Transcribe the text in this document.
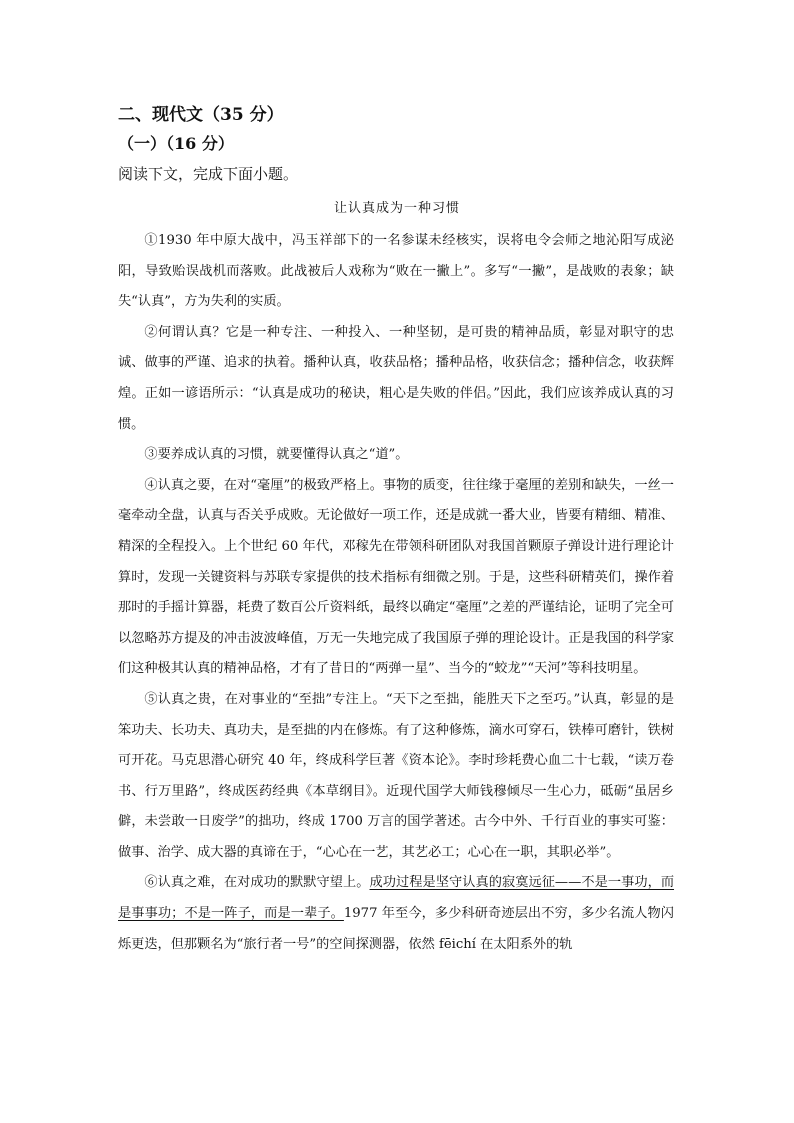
二、现代文（35 分）
（一）（16 分）

阅读下文，完成下面小题。

让认真成为一种习惯

①1930 年中原大战中，冯玉祥部下的一名参谋未经核实，误将电令会师之地沁阳写成泌阳，导致贻误战机而落败。此战被后人戏称为“败在一撇上”。多写“一撇”，是战败的表象；缺失“认真”，方为失利的实质。

②何谓认真？它是一种专注、一种投入、一种坚韧，是可贵的精神品质，彰显对职守的忠诚、做事的严谨、追求的执着。播种认真，收获品格；播种品格，收获信念；播种信念，收获辉煌。正如一谚语所示：“认真是成功的秘诀，粗心是失败的伴侣。”因此，我们应该养成认真的习惯。

③要养成认真的习惯，就要懂得认真之“道”。

④认真之要，在对“毫厘”的极致严格上。事物的质变，往往缘于毫厘的差别和缺失，一丝一毫牵动全盘，认真与否关乎成败。无论做好一项工作，还是成就一番大业，皆要有精细、精准、精深的全程投入。上个世纪 60 年代，邓稼先在带领科研团队对我国首颗原子弹设计进行理论计算时，发现一关键资料与苏联专家提供的技术指标有细微之别。于是，这些科研精英们，操作着那时的手摇计算器，耗费了数百公斤资料纸，最终以确定“毫厘”之差的严谨结论，证明了完全可以忽略苏方提及的冲击波波峰值，万无一失地完成了我国原子弹的理论设计。正是我国的科学家们这种极其认真的精神品格，才有了昔日的“两弹一星”、当今的“蛟龙”“天河”等科技明星。

⑤认真之贵，在对事业的“至拙”专注上。“天下之至拙，能胜天下之至巧。”认真，彰显的是笨功夫、长功夫、真功夫，是至拙的内在修炼。有了这种修炼，滴水可穿石，铁棒可磨针，铁树可开花。马克思潜心研究 40 年，终成科学巨著《资本论》。李时珍耗费心血二十七载，“读万卷书、行万里路”，终成医药经典《本草纲目》。近现代国学大师钱穆倾尽一生心力，砥砺“虽居乡僻，未尝敢一日废学”的拙功，终成 1700 万言的国学著述。古今中外、千行百业的事实可鉴：做事、治学、成大器的真谛在于，“心心在一艺，其艺必工；心心在一职，其职必举”。

⑥认真之难，在对成功的默默守望上。成功过程是坚守认真的寂寞远征——不是一事功，而是事事功；不是一阵子，而是一辈子。1977 年至今，多少科研奇迹层出不穷，多少名流人物闪烁更迭，但那颗名为“旅行者一号”的空间探测器，依然 fēichí 在太阳系外的轨
